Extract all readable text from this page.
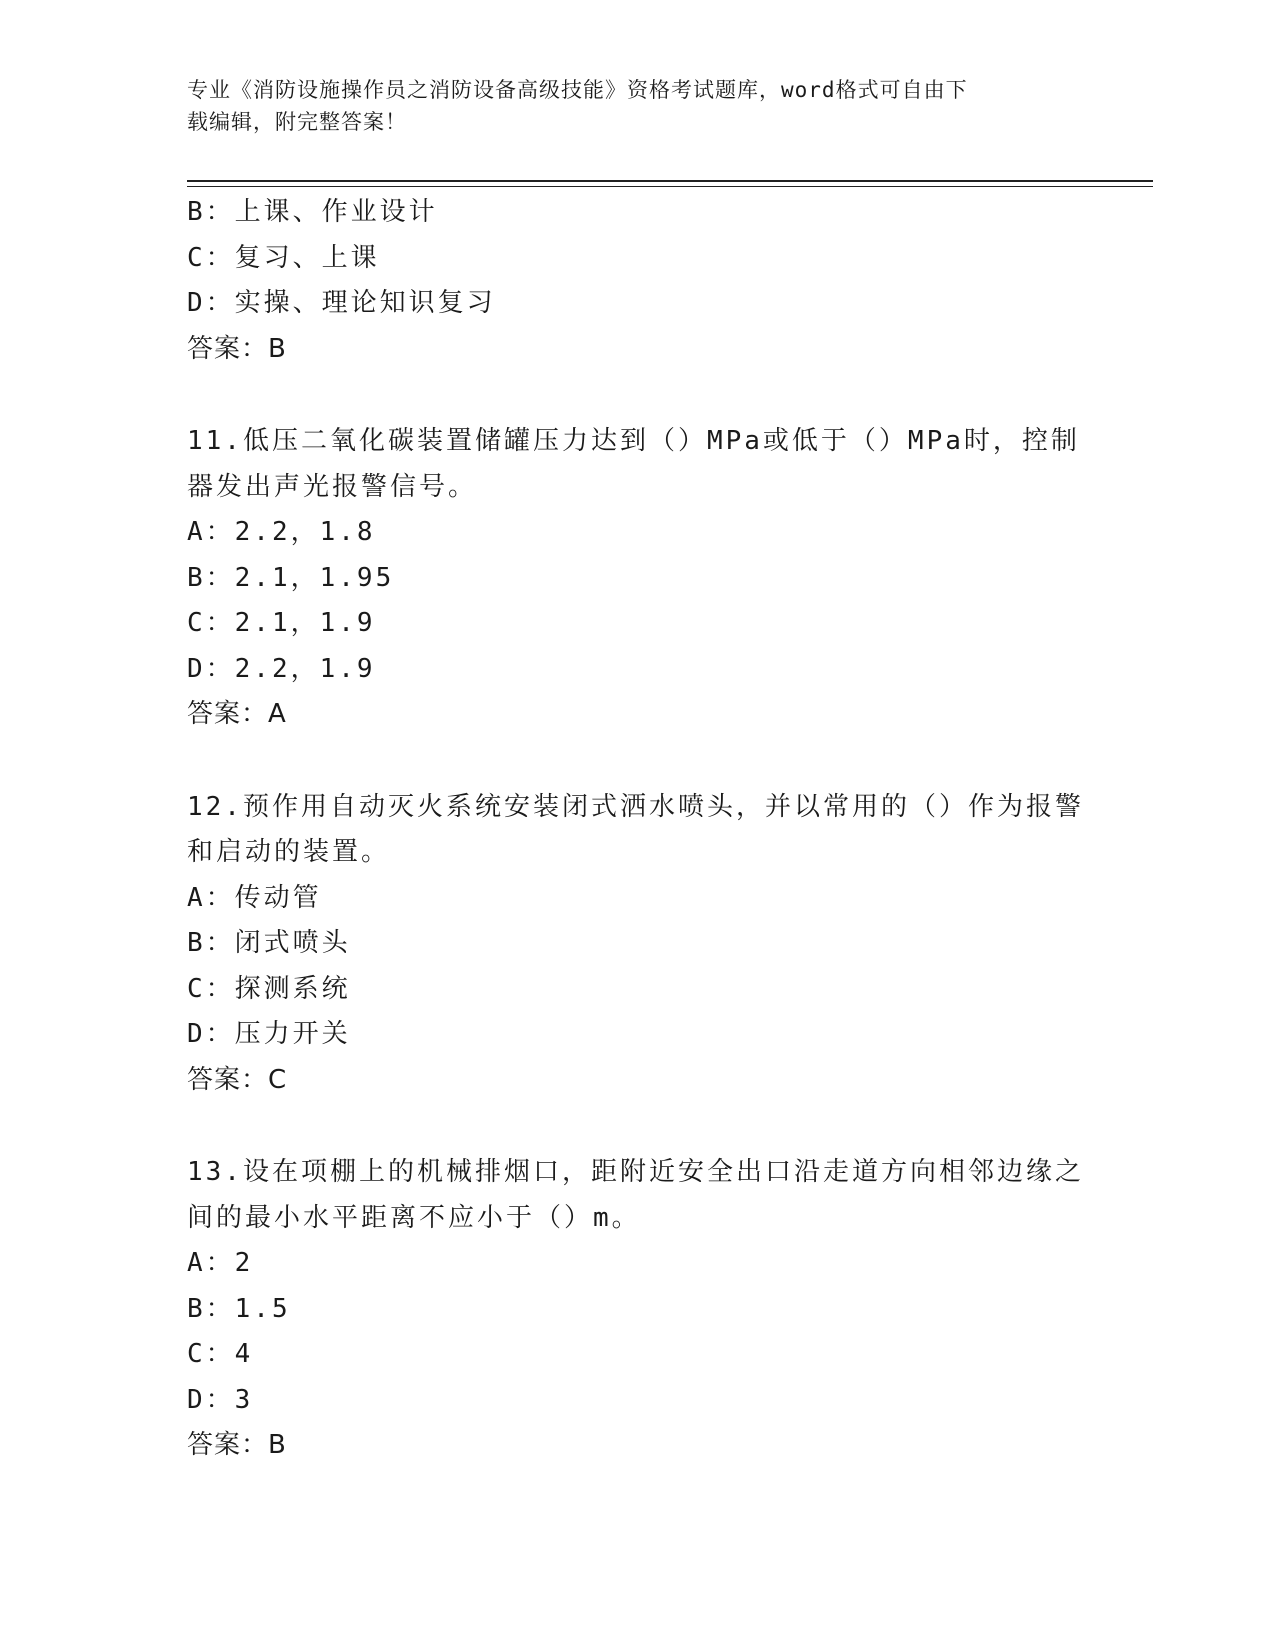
专业《消防设施操作员之消防设备高级技能》资格考试题库，word格式可自由下
载编辑，附完整答案！
B：上课、作业设计
C：复习、上课
D：实操、理论知识复习
答案：B
11.低压二氧化碳装置储罐压力达到（）MPa或低于（）MPa时，控制
器发出声光报警信号。
A：2.2，1.8
B：2.1，1.95
C：2.1，1.9
D：2.2，1.9
答案：A
12.预作用自动灭火系统安装闭式洒水喷头，并以常用的（）作为报警
和启动的装置。
A：传动管
B：闭式喷头
C：探测系统
D：压力开关
答案：C
13.设在项棚上的机械排烟口，距附近安全出口沿走道方向相邻边缘之
间的最小水平距离不应小于（）m。
A：2
B：1.5
C：4
D：3
答案：B
